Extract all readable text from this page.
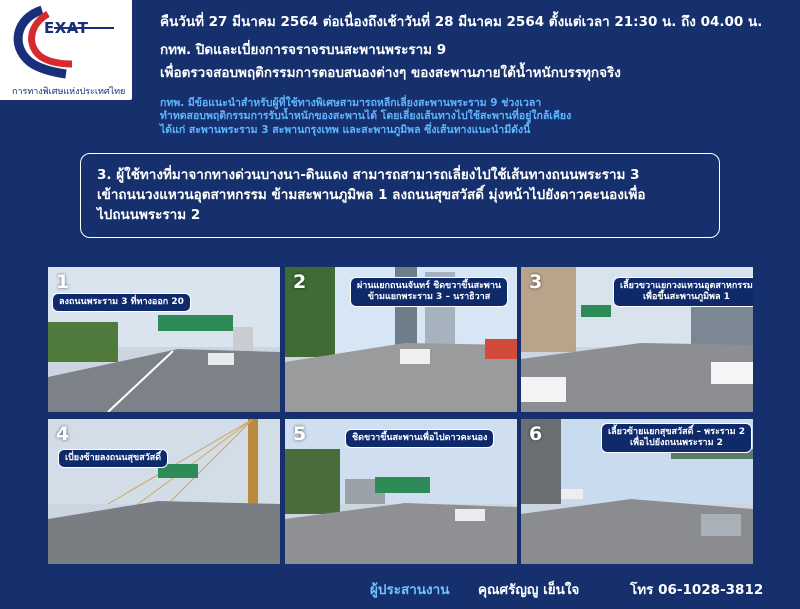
EXAT
การทางพิเศษแห่งประเทศไทย
คืนวันที่ 27 มีนาคม 2564 ต่อเนื่องถึงเช้าวันที่ 28 มีนาคม 2564 ตั้งแต่เวลา 21:30 น. ถึง 04.00 น.
กทพ. ปิดและเบี่ยงการจราจรบนสะพานพระราม 9
เพื่อตรวจสอบพฤติกรรมการตอบสนองต่างๆ ของสะพานภายใต้น้ำหนักบรรทุกจริง
กทพ. มีข้อแนะนำสำหรับผู้ที่ใช้ทางพิเศษสามารถหลีกเลี่ยงสะพานพระราม 9 ช่วงเวลา
ทำทดสอบพฤติกรรมการรับน้ำหนักของสะพานได้ โดยเลี่ยงเส้นทางไปใช้สะพานที่อยู่ใกล้เคียง
ได้แก่ สะพานพระราม 3 สะพานกรุงเทพ และสะพานภูมิพล ซึ่งเส้นทางแนะนำมีดังนี้
3. ผู้ใช้ทางที่มาจากทางด่วนบางนา-ดินแดง สามารถสามารถเลี่ยงไปใช้เส้นทางถนนพระราม 3
เข้าถนนวงแหวนอุตสาหกรรม ข้ามสะพานภูมิพล 1 ลงถนนสุขสวัสดิ์ มุ่งหน้าไปยังดาวคะนองเพื่อ
ไปถนนพระราม 2
1
ลงถนนพระราม 3 ที่ทางออก 20
2	ผ่านแยกถนนจันทร์ ชิดขวาขึ้นสะพาน
ข้ามแยกพระราม 3 – นราธิวาส
3	เลี้ยวขวาแยกวงแหวนอุตสาหกรรม
เพื่อขึ้นสะพานภูมิพล 1
4
เบี่ยงซ้ายลงถนนสุขสวัสดิ์
5	ชิดขวาขึ้นสะพานเพื่อไปดาวคะนอง 6	เลี้ยวซ้ายแยกสุขสวัสดิ์ – พระราม 2
เพื่อไปยังถนนพระราม 2
ผู้ประสานงาน คุณศรัญญู เย็นใจ	โทร 06-1028-3812
